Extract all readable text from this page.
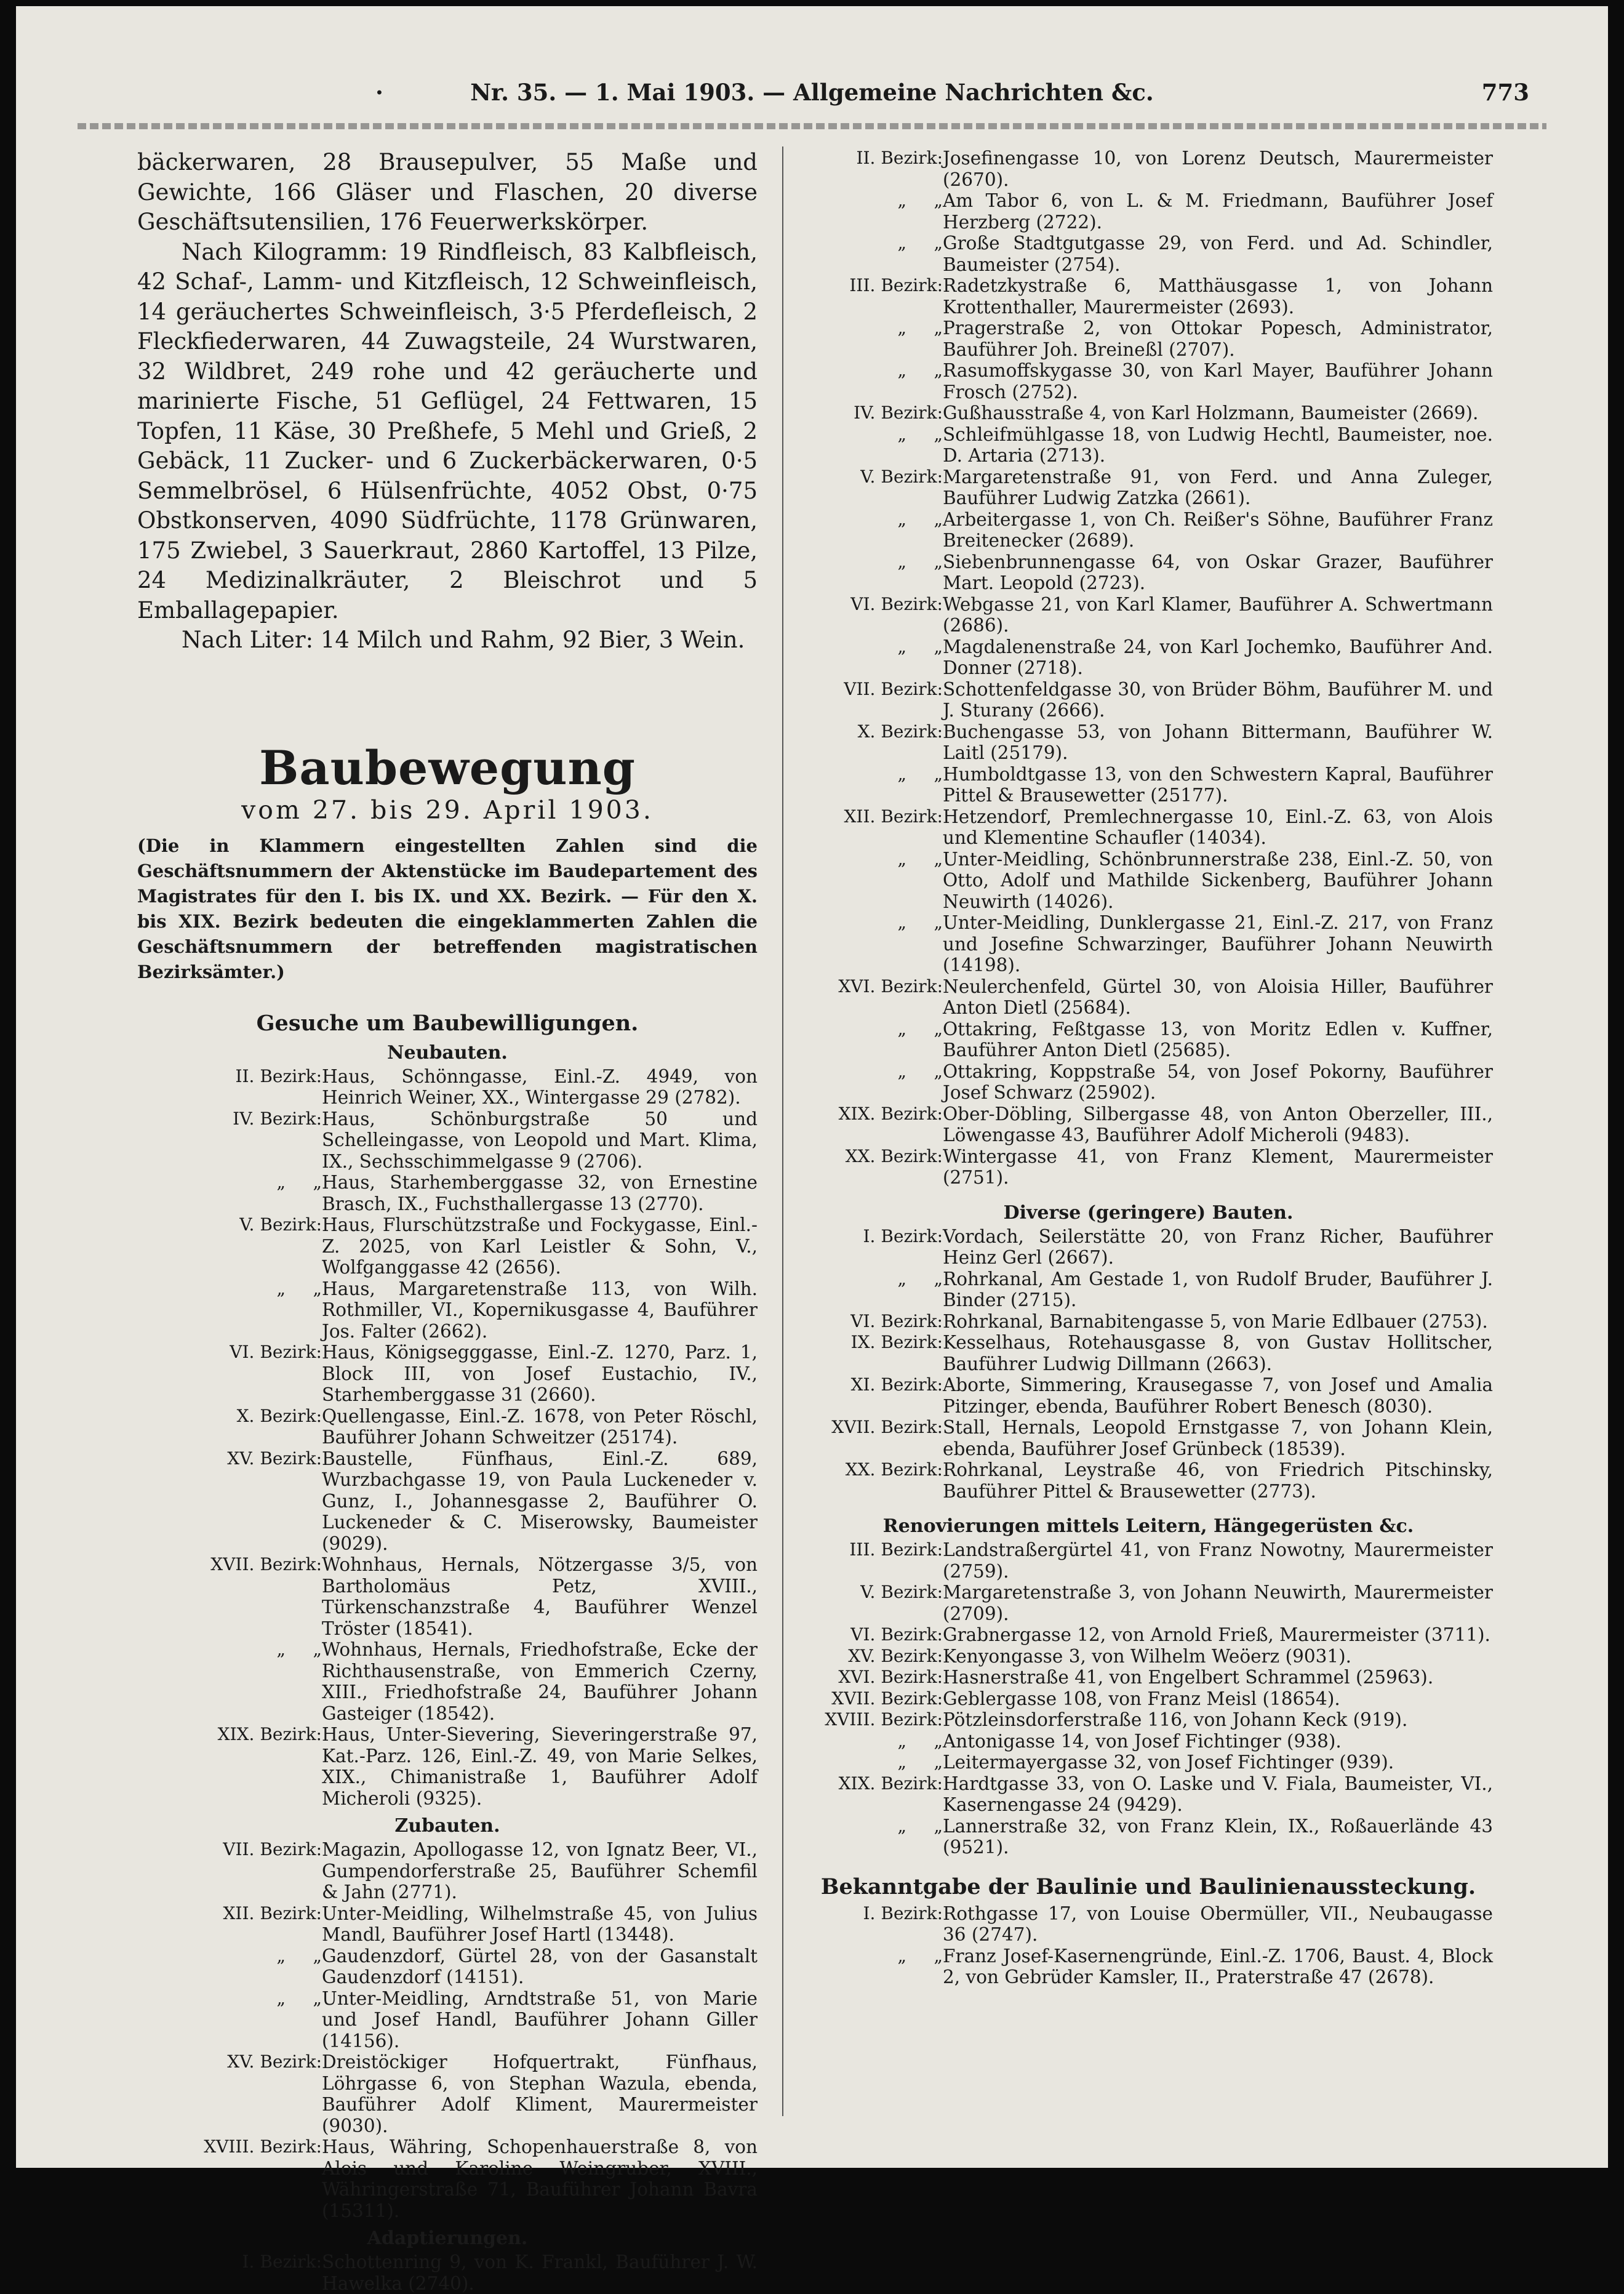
·	Nr. 35. — 1. Mai 1903. — Allgemeine Nachrichten &c.	773

bäckerwaren, 28 Brausepulver, 55 Maße und Gewichte, 166 Gläser und Flaschen, 20 diverse Geschäftsutensilien, 176 Feuerwerkskörper.

Nach Kilogramm: 19 Rindfleisch, 83 Kalbfleisch, 42 Schaf-, Lamm- und Kitzfleisch, 12 Schweinfleisch, 14 geräuchertes Schweinfleisch, 3·5 Pferdefleisch, 2 Fleckfiederwaren, 44 Zuwagsteile, 24 Wurstwaren, 32 Wildbret, 249 rohe und 42 geräucherte und marinierte Fische, 51 Geflügel, 24 Fettwaren, 15 Topfen, 11 Käse, 30 Preßhefe, 5 Mehl und Grieß, 2 Gebäck, 11 Zucker- und 6 Zuckerbäckerwaren, 0·5 Semmelbrösel, 6 Hülsenfrüchte, 4052 Obst, 0·75 Obstkonserven, 4090 Südfrüchte, 1178 Grünwaren, 175 Zwiebel, 3 Sauerkraut, 2860 Kartoffel, 13 Pilze, 24 Medizinalkräuter, 2 Bleischrot und 5 Emballagepapier.

Nach Liter: 14 Milch und Rahm, 92 Bier, 3 Wein.

Baubewegung
vom 27. bis 29. April 1903.
(Die in Klammern eingestellten Zahlen sind die Geschäftsnummern der Aktenstücke im Baudepartement des Magistrates für den I. bis IX. und XX. Bezirk. — Für den X. bis XIX. Bezirk bedeuten die eingeklammerten Zahlen die Geschäftsnummern der betreffenden magistratischen Bezirksämter.)
Gesuche um Baubewilligungen.
Neubauten.
II. Bezirk: Haus, Schönngasse, Einl.-Z. 4949, von Heinrich Weiner, XX., Wintergasse 29 (2782).
IV. Bezirk: Haus, Schönburgstraße 50 und Schelleingasse, von Leopold und Mart. Klima, IX., Sechsschimmelgasse 9 (2706).
„     „ Haus, Starhemberggasse 32, von Ernestine Brasch, IX., Fuchsthallergasse 13 (2770).
V. Bezirk: Haus, Flurschützstraße und Fockygasse, Einl.-Z. 2025, von Karl Leistler & Sohn, V., Wolfganggasse 42 (2656).
„     „ Haus, Margaretenstraße 113, von Wilh. Rothmiller, VI., Kopernikusgasse 4, Bauführer Jos. Falter (2662).
VI. Bezirk: Haus, Königsegggasse, Einl.-Z. 1270, Parz. 1, Block III, von Josef Eustachio, IV., Starhemberggasse 31 (2660).
X. Bezirk: Quellengasse, Einl.-Z. 1678, von Peter Röschl, Bauführer Johann Schweitzer (25174).
XV. Bezirk: Baustelle, Fünfhaus, Einl.-Z. 689, Wurzbachgasse 19, von Paula Luckeneder v. Gunz, I., Johannesgasse 2, Bauführer O. Luckeneder & C. Miserowsky, Baumeister (9029).
XVII. Bezirk: Wohnhaus, Hernals, Nötzergasse 3/5, von Bartholomäus Petz, XVIII., Türkenschanzstraße 4, Bauführer Wenzel Tröster (18541).
„     „ Wohnhaus, Hernals, Friedhofstraße, Ecke der Richthausenstraße, von Emmerich Czerny, XIII., Friedhofstraße 24, Bauführer Johann Gasteiger (18542).
XIX. Bezirk: Haus, Unter-Sievering, Sieveringerstraße 97, Kat.-Parz. 126, Einl.-Z. 49, von Marie Selkes, XIX., Chimanistraße 1, Bauführer Adolf Micheroli (9325).
Zubauten.
VII. Bezirk: Magazin, Apollogasse 12, von Ignatz Beer, VI., Gumpendorferstraße 25, Bauführer Schemfil & Jahn (2771).
XII. Bezirk: Unter-Meidling, Wilhelmstraße 45, von Julius Mandl, Bauführer Josef Hartl (13448).
„     „ Gaudenzdorf, Gürtel 28, von der Gasanstalt Gaudenzdorf (14151).
„     „ Unter-Meidling, Arndtstraße 51, von Marie und Josef Handl, Bauführer Johann Giller (14156).
XV. Bezirk: Dreistöckiger Hofquertrakt, Fünfhaus, Löhrgasse 6, von Stephan Wazula, ebenda, Bauführer Adolf Kliment, Maurermeister (9030).
XVIII. Bezirk: Haus, Währing, Schopenhauerstraße 8, von Alois und Karoline Weingruber, XVIII., Währingerstraße 71, Bauführer Johann Bavra (15311).
Adaptierungen.
I. Bezirk: Schottenring 9, von K. Frankl, Bauführer J. W. Hawelka (2740).
II. Bezirk: Josefinengasse 10, von Lorenz Deutsch, Maurermeister (2670).
„     „ Am Tabor 6, von L. & M. Friedmann, Bauführer Josef Herzberg (2722).
„     „ Große Stadtgutgasse 29, von Ferd. und Ad. Schindler, Baumeister (2754).
III. Bezirk: Radetzkystraße 6, Matthäusgasse 1, von Johann Krottenthaller, Maurermeister (2693).
„     „ Pragerstraße 2, von Ottokar Popesch, Administrator, Bauführer Joh. Breineßl (2707).
„     „ Rasumoffskygasse 30, von Karl Mayer, Bauführer Johann Frosch (2752).
IV. Bezirk: Gußhausstraße 4, von Karl Holzmann, Baumeister (2669).
„     „ Schleifmühlgasse 18, von Ludwig Hechtl, Baumeister, noe. D. Artaria (2713).
V. Bezirk: Margaretenstraße 91, von Ferd. und Anna Zuleger, Bauführer Ludwig Zatzka (2661).
„     „ Arbeitergasse 1, von Ch. Reißer's Söhne, Bauführer Franz Breitenecker (2689).
„     „ Siebenbrunnengasse 64, von Oskar Grazer, Bauführer Mart. Leopold (2723).
VI. Bezirk: Webgasse 21, von Karl Klamer, Bauführer A. Schwertmann (2686).
„     „ Magdalenenstraße 24, von Karl Jochemko, Bauführer And. Donner (2718).
VII. Bezirk: Schottenfeldgasse 30, von Brüder Böhm, Bauführer M. und J. Sturany (2666).
X. Bezirk: Buchengasse 53, von Johann Bittermann, Bauführer W. Laitl (25179).
„     „ Humboldtgasse 13, von den Schwestern Kapral, Bauführer Pittel & Brausewetter (25177).
XII. Bezirk: Hetzendorf, Premlechnergasse 10, Einl.-Z. 63, von Alois und Klementine Schaufler (14034).
„     „ Unter-Meidling, Schönbrunnerstraße 238, Einl.-Z. 50, von Otto, Adolf und Mathilde Sickenberg, Bauführer Johann Neuwirth (14026).
„     „ Unter-Meidling, Dunklergasse 21, Einl.-Z. 217, von Franz und Josefine Schwarzinger, Bauführer Johann Neuwirth (14198).
XVI. Bezirk: Neulerchenfeld, Gürtel 30, von Aloisia Hiller, Bauführer Anton Dietl (25684).
„     „ Ottakring, Feßtgasse 13, von Moritz Edlen v. Kuffner, Bauführer Anton Dietl (25685).
„     „ Ottakring, Koppstraße 54, von Josef Pokorny, Bauführer Josef Schwarz (25902).
XIX. Bezirk: Ober-Döbling, Silbergasse 48, von Anton Oberzeller, III., Löwengasse 43, Bauführer Adolf Micheroli (9483).
XX. Bezirk: Wintergasse 41, von Franz Klement, Maurermeister (2751).
Diverse (geringere) Bauten.
I. Bezirk: Vordach, Seilerstätte 20, von Franz Richer, Bauführer Heinz Gerl (2667).
„     „ Rohrkanal, Am Gestade 1, von Rudolf Bruder, Bauführer J. Binder (2715).
VI. Bezirk: Rohrkanal, Barnabitengasse 5, von Marie Edlbauer (2753).
IX. Bezirk: Kesselhaus, Rotehausgasse 8, von Gustav Hollitscher, Bauführer Ludwig Dillmann (2663).
XI. Bezirk: Aborte, Simmering, Krausegasse 7, von Josef und Amalia Pitzinger, ebenda, Bauführer Robert Benesch (8030).
XVII. Bezirk: Stall, Hernals, Leopold Ernstgasse 7, von Johann Klein, ebenda, Bauführer Josef Grünbeck (18539).
XX. Bezirk: Rohrkanal, Leystraße 46, von Friedrich Pitschinsky, Bauführer Pittel & Brausewetter (2773).
Renovierungen mittels Leitern, Hängegerüsten &c.
III. Bezirk: Landstraßergürtel 41, von Franz Nowotny, Maurermeister (2759).
V. Bezirk: Margaretenstraße 3, von Johann Neuwirth, Maurermeister (2709).
VI. Bezirk: Grabnergasse 12, von Arnold Frieß, Maurermeister (3711).
XV. Bezirk: Kenyongasse 3, von Wilhelm Weöerz (9031).
XVI. Bezirk: Hasnerstraße 41, von Engelbert Schrammel (25963).
XVII. Bezirk: Geblergasse 108, von Franz Meisl (18654).
XVIII. Bezirk: Pötzleinsdorferstraße 116, von Johann Keck (919).
„     „ Antonigasse 14, von Josef Fichtinger (938).
„     „ Leitermayergasse 32, von Josef Fichtinger (939).
XIX. Bezirk: Hardtgasse 33, von O. Laske und V. Fiala, Baumeister, VI., Kasernengasse 24 (9429).
„     „ Lannerstraße 32, von Franz Klein, IX., Roßauerlände 43 (9521).
Bekanntgabe der Baulinie und Baulinienaussteckung.
I. Bezirk: Rothgasse 17, von Louise Obermüller, VII., Neubaugasse 36 (2747).
„     „ Franz Josef-Kasernengründe, Einl.-Z. 1706, Baust. 4, Block 2, von Gebrüder Kamsler, II., Praterstraße 47 (2678).
